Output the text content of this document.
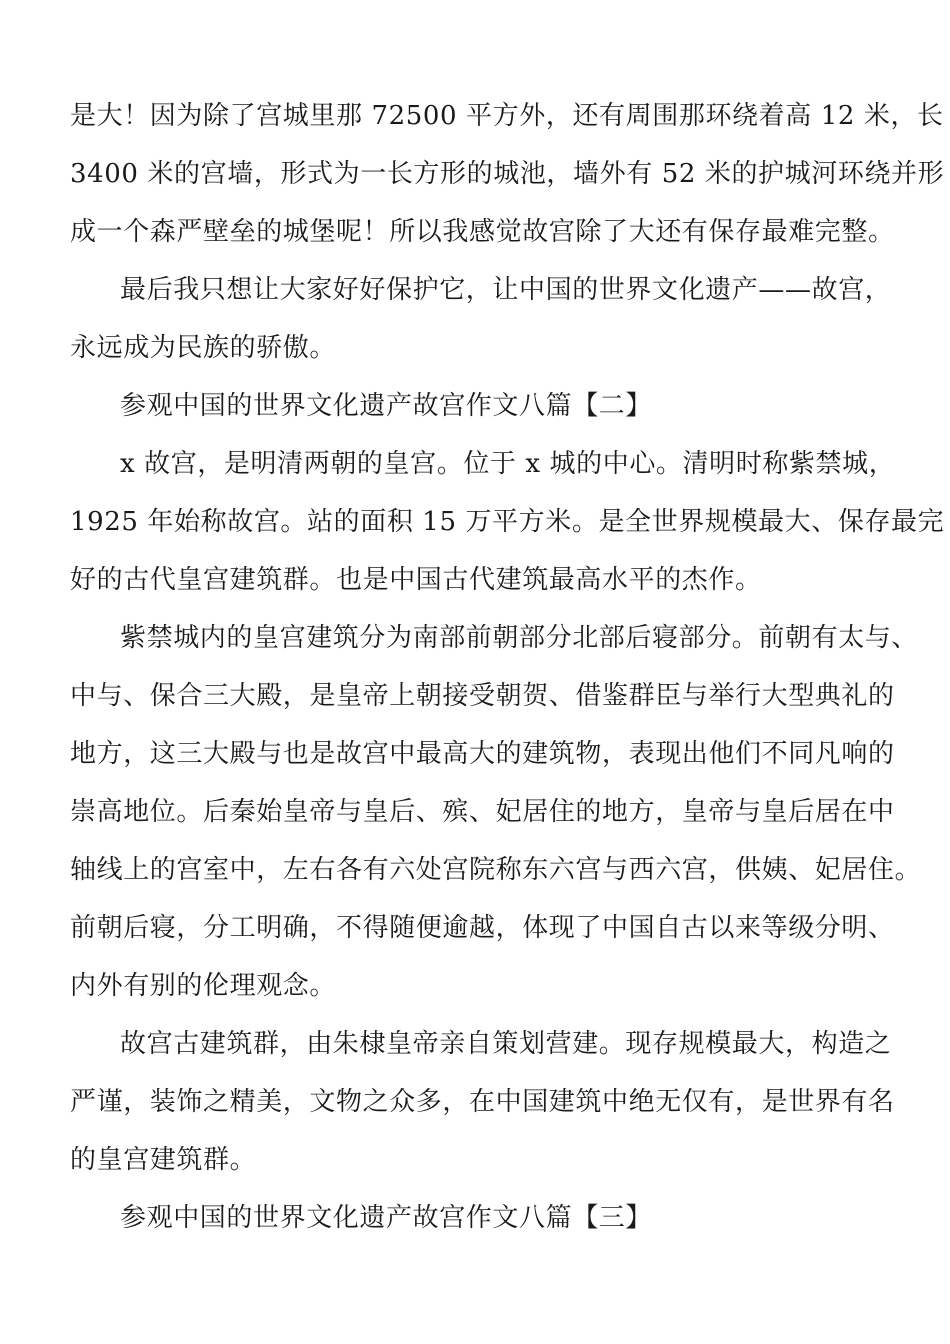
是大！因为除了宫城里那 72500 平方外，还有周围那环绕着高 12 米，长
3400 米的宫墙，形式为一长方形的城池，墙外有 52 米的护城河环绕并形
成一个森严壁垒的城堡呢！所以我感觉故宫除了大还有保存最难完整。
最后我只想让大家好好保护它，让中国的世界文化遗产——故宫，
永远成为民族的骄傲。
参观中国的世界文化遗产故宫作文八篇【二】
x 故宫，是明清两朝的皇宫。位于 x 城的中心。清明时称紫禁城，
1925 年始称故宫。站的面积 15 万平方米。是全世界规模最大、保存最完
好的古代皇宫建筑群。也是中国古代建筑最高水平的杰作。
紫禁城内的皇宫建筑分为南部前朝部分北部后寝部分。前朝有太与、
中与、保合三大殿，是皇帝上朝接受朝贺、借鉴群臣与举行大型典礼的
地方，这三大殿与也是故宫中最高大的建筑物，表现出他们不同凡响的
崇高地位。后秦始皇帝与皇后、殡、妃居住的地方，皇帝与皇后居在中
轴线上的宫室中，左右各有六处宫院称东六宫与西六宫，供姨、妃居住。
前朝后寝，分工明确，不得随便逾越，体现了中国自古以来等级分明、
内外有别的伦理观念。
故宫古建筑群，由朱棣皇帝亲自策划营建。现存规模最大，构造之
严谨，装饰之精美，文物之众多，在中国建筑中绝无仅有，是世界有名
的皇宫建筑群。
参观中国的世界文化遗产故宫作文八篇【三】
